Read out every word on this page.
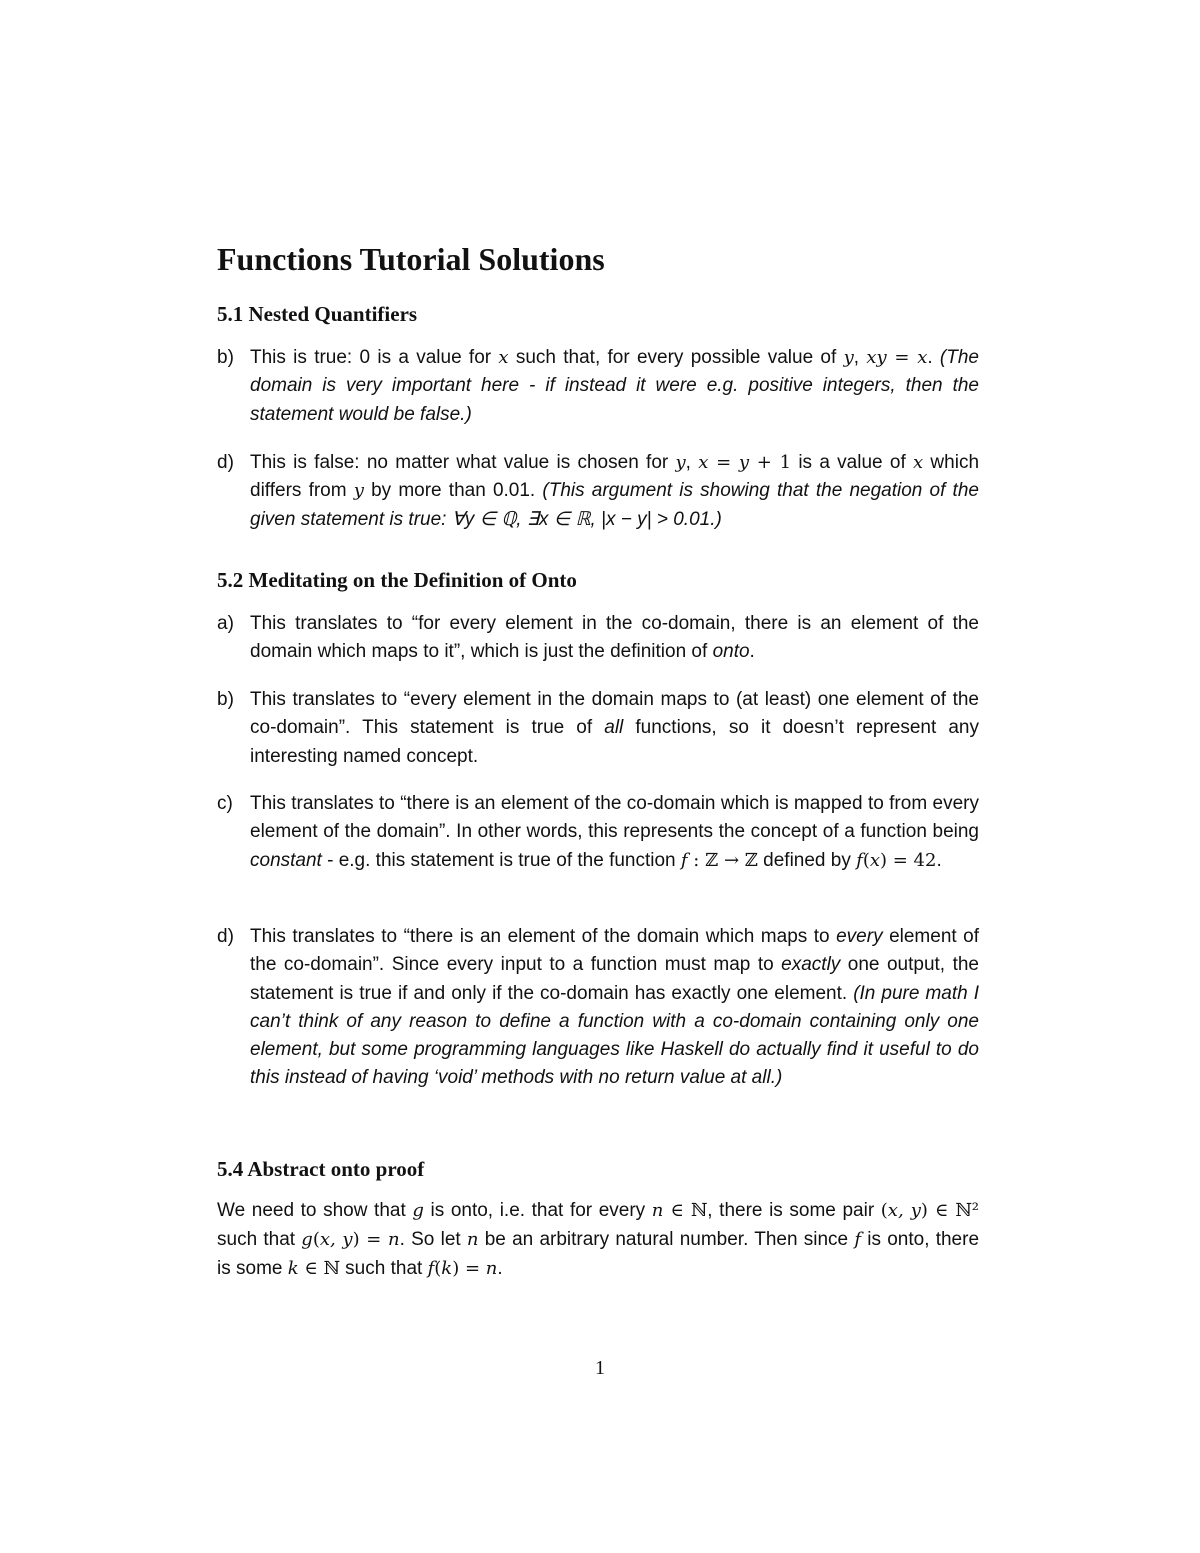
Functions Tutorial Solutions
5.1 Nested Quantifiers
b) This is true: 0 is a value for x such that, for every possible value of y, xy = x. (The domain is very important here - if instead it were e.g. positive integers, then the statement would be false.)
d) This is false: no matter what value is chosen for y, x = y + 1 is a value of x which differs from y by more than 0.01. (This argument is showing that the negation of the given statement is true: ∀y ∈ ℚ, ∃x ∈ ℝ, |x − y| > 0.01.)
5.2 Meditating on the Definition of Onto
a) This translates to “for every element in the co-domain, there is an element of the domain which maps to it”, which is just the definition of onto.
b) This translates to “every element in the domain maps to (at least) one element of the co-domain”. This statement is true of all functions, so it doesn’t represent any interesting named concept.
c) This translates to “there is an element of the co-domain which is mapped to from every element of the domain”. In other words, this represents the concept of a function being constant - e.g. this statement is true of the function f : ℤ → ℤ defined by f(x) = 42.
d) This translates to “there is an element of the domain which maps to every element of the co-domain”. Since every input to a function must map to exactly one output, the statement is true if and only if the co-domain has exactly one element. (In pure math I can’t think of any reason to define a function with a co-domain containing only one element, but some programming languages like Haskell do actually find it useful to do this instead of having ‘void’ methods with no return value at all.)
5.4 Abstract onto proof
We need to show that g is onto, i.e. that for every n ∈ ℕ, there is some pair (x, y) ∈ ℕ² such that g(x, y) = n. So let n be an arbitrary natural number. Then since f is onto, there is some k ∈ ℕ such that f(k) = n.
1
